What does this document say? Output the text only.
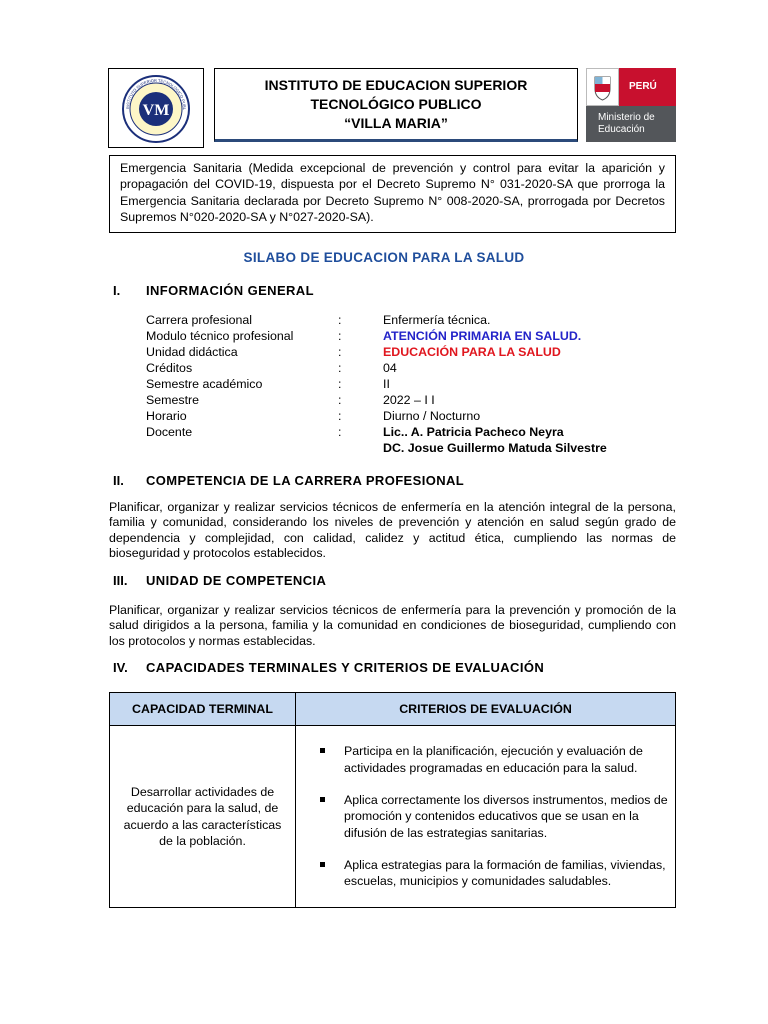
VM
INSTITUTO SUPERIOR TECNOLOGICO PUBL
INSTITUTO DE EDUCACION SUPERIOR
TECNOLÓGICO PUBLICO
“VILLA MARIA”
PERÚ
Ministerio de
Educación
Emergencia Sanitaria (Medida excepcional de prevención y control para evitar la aparición y propagación del COVID-19, dispuesta por el Decreto Supremo N° 031-2020-SA que prorroga la Emergencia Sanitaria declarada por Decreto Supremo N° 008-2020-SA, prorrogada por Decretos Supremos N°020-2020-SA y N°027-2020-SA).
SILABO DE EDUCACION PARA LA SALUD
I. INFORMACIÓN GENERAL
Carrera profesional	:	Enfermería técnica.
Modulo técnico profesional	:	ATENCIÓN PRIMARIA EN SALUD.
Unidad didáctica	:	EDUCACIÓN PARA LA SALUD
Créditos	:	04
Semestre académico	:	II
Semestre	:	2022 – I I
Horario	:	Diurno / Nocturno
Docente	:	Lic.. A. Patricia Pacheco Neyra
DC. Josue Guillermo Matuda Silvestre
II. COMPETENCIA DE LA CARRERA PROFESIONAL
Planificar, organizar y realizar servicios técnicos de enfermería en la atención integral de la persona, familia y comunidad, considerando los niveles de prevención y atención en salud según grado de dependencia y complejidad, con calidad, calidez y actitud ética, cumpliendo las normas de bioseguridad y protocolos establecidos.
III. UNIDAD DE COMPETENCIA
Planificar, organizar y realizar servicios técnicos de enfermería para la prevención y promoción de la salud dirigidos a la persona, familia y la comunidad en condiciones de bioseguridad, cumpliendo con los protocolos y normas establecidas.
IV. CAPACIDADES TERMINALES Y CRITERIOS DE EVALUACIÓN
CAPACIDAD TERMINAL	CRITERIOS DE EVALUACIÓN
Desarrollar actividades de educación para la salud, de acuerdo a las características de la población.	Participa en la planificación, ejecución y evaluación de actividades programadas en educación para la salud.
Aplica correctamente los diversos instrumentos, medios de promoción y contenidos educativos que se usan en la difusión de las estrategias sanitarias.
Aplica estrategias para la formación de familias, viviendas, escuelas, municipios y comunidades saludables.
